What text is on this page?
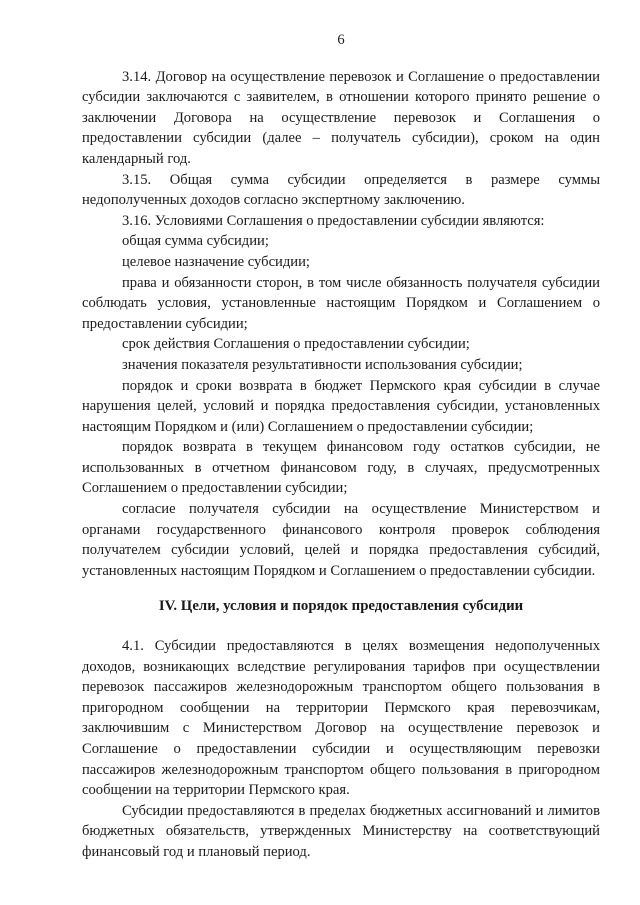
6

3.14. Договор на осуществление перевозок и Соглашение о предоставлении субсидии заключаются с заявителем, в отношении которого принято решение о заключении Договора на осуществление перевозок и Соглашения о предоставлении субсидии (далее – получатель субсидии), сроком на один календарный год.

3.15. Общая сумма субсидии определяется в размере суммы недополученных доходов согласно экспертному заключению.

3.16. Условиями Соглашения о предоставлении субсидии являются:

общая сумма субсидии;

целевое назначение субсидии;

права и обязанности сторон, в том числе обязанность получателя субсидии соблюдать условия, установленные настоящим Порядком и Соглашением о предоставлении субсидии;

срок действия Соглашения о предоставлении субсидии;

значения показателя результативности использования субсидии;

порядок и сроки возврата в бюджет Пермского края субсидии в случае нарушения целей, условий и порядка предоставления субсидии, установленных настоящим Порядком и (или) Соглашением о предоставлении субсидии;

порядок возврата в текущем финансовом году остатков субсидии, не использованных в отчетном финансовом году, в случаях, предусмотренных Соглашением о предоставлении субсидии;

согласие получателя субсидии на осуществление Министерством и органами государственного финансового контроля проверок соблюдения получателем субсидии условий, целей и порядка предоставления субсидий, установленных настоящим Порядком и Соглашением о предоставлении субсидии.

IV. Цели, условия и порядок предоставления субсидии

4.1. Субсидии предоставляются в целях возмещения недополученных доходов, возникающих вследствие регулирования тарифов при осуществлении перевозок пассажиров железнодорожным транспортом общего пользования в пригородном сообщении на территории Пермского края перевозчикам, заключившим с Министерством Договор на осуществление перевозок и Соглашение о предоставлении субсидии и осуществляющим перевозки пассажиров железнодорожным транспортом общего пользования в пригородном сообщении на территории Пермского края.

Субсидии предоставляются в пределах бюджетных ассигнований и лимитов бюджетных обязательств, утвержденных Министерству на соответствующий финансовый год и плановый период.
